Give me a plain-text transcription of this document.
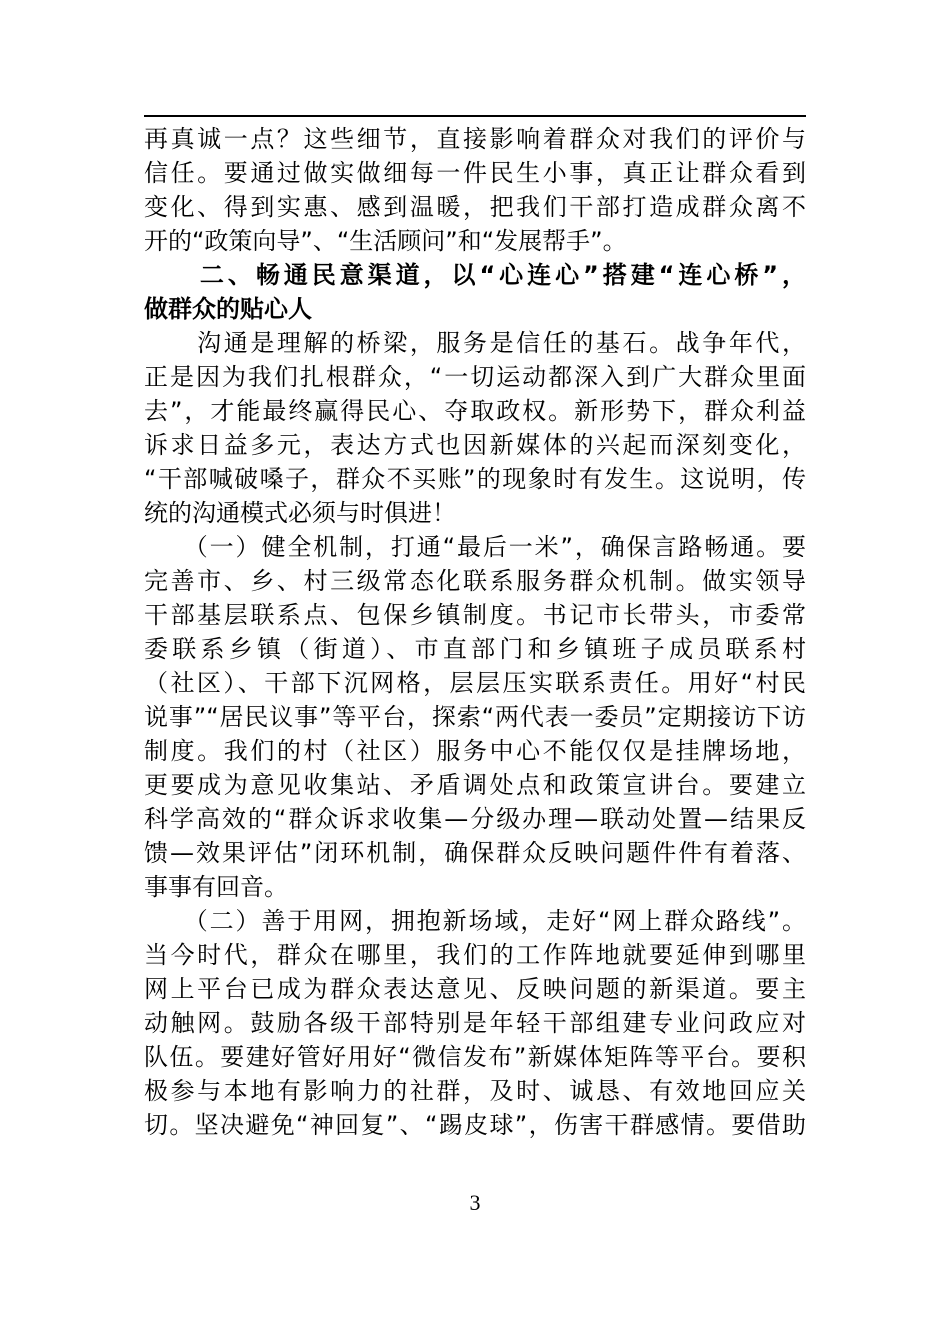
再真诚一点？这些细节，直接影响着群众对我们的评价与
信任。要通过做实做细每一件民生小事，真正让群众看到
变化、得到实惠、感到温暖，把我们干部打造成群众离不
开的“政策向导”、“生活顾问”和“发展帮手”。
　　二、畅通民意渠道，以“心连心”搭建“连心桥”，
做群众的贴心人
　　沟通是理解的桥梁，服务是信任的基石。战争年代，
正是因为我们扎根群众，“一切运动都深入到广大群众里面
去”，才能最终赢得民心、夺取政权。新形势下，群众利益
诉求日益多元，表达方式也因新媒体的兴起而深刻变化，
“干部喊破嗓子，群众不买账”的现象时有发生。这说明，传
统的沟通模式必须与时俱进！
　　（一）健全机制，打通“最后一米”，确保言路畅通。要
完善市、乡、村三级常态化联系服务群众机制。做实领导
干部基层联系点、包保乡镇制度。书记市长带头，市委常
委联系乡镇（街道）、市直部门和乡镇班子成员联系村
（社区）、干部下沉网格，层层压实联系责任。用好“村民
说事”“居民议事”等平台，探索“两代表一委员”定期接访下访
制度。我们的村（社区）服务中心不能仅仅是挂牌场地，
更要成为意见收集站、矛盾调处点和政策宣讲台。要建立
科学高效的“群众诉求收集—分级办理—联动处置—结果反
馈—效果评估”闭环机制，确保群众反映问题件件有着落、
事事有回音。
　　（二）善于用网，拥抱新场域，走好“网上群众路线”。
当今时代，群众在哪里，我们的工作阵地就要延伸到哪里
网上平台已成为群众表达意见、反映问题的新渠道。要主
动触网。鼓励各级干部特别是年轻干部组建专业问政应对
队伍。要建好管好用好“微信发布”新媒体矩阵等平台。要积
极参与本地有影响力的社群，及时、诚恳、有效地回应关
切。坚决避免“神回复”、“踢皮球”，伤害干群感情。要借助
3
